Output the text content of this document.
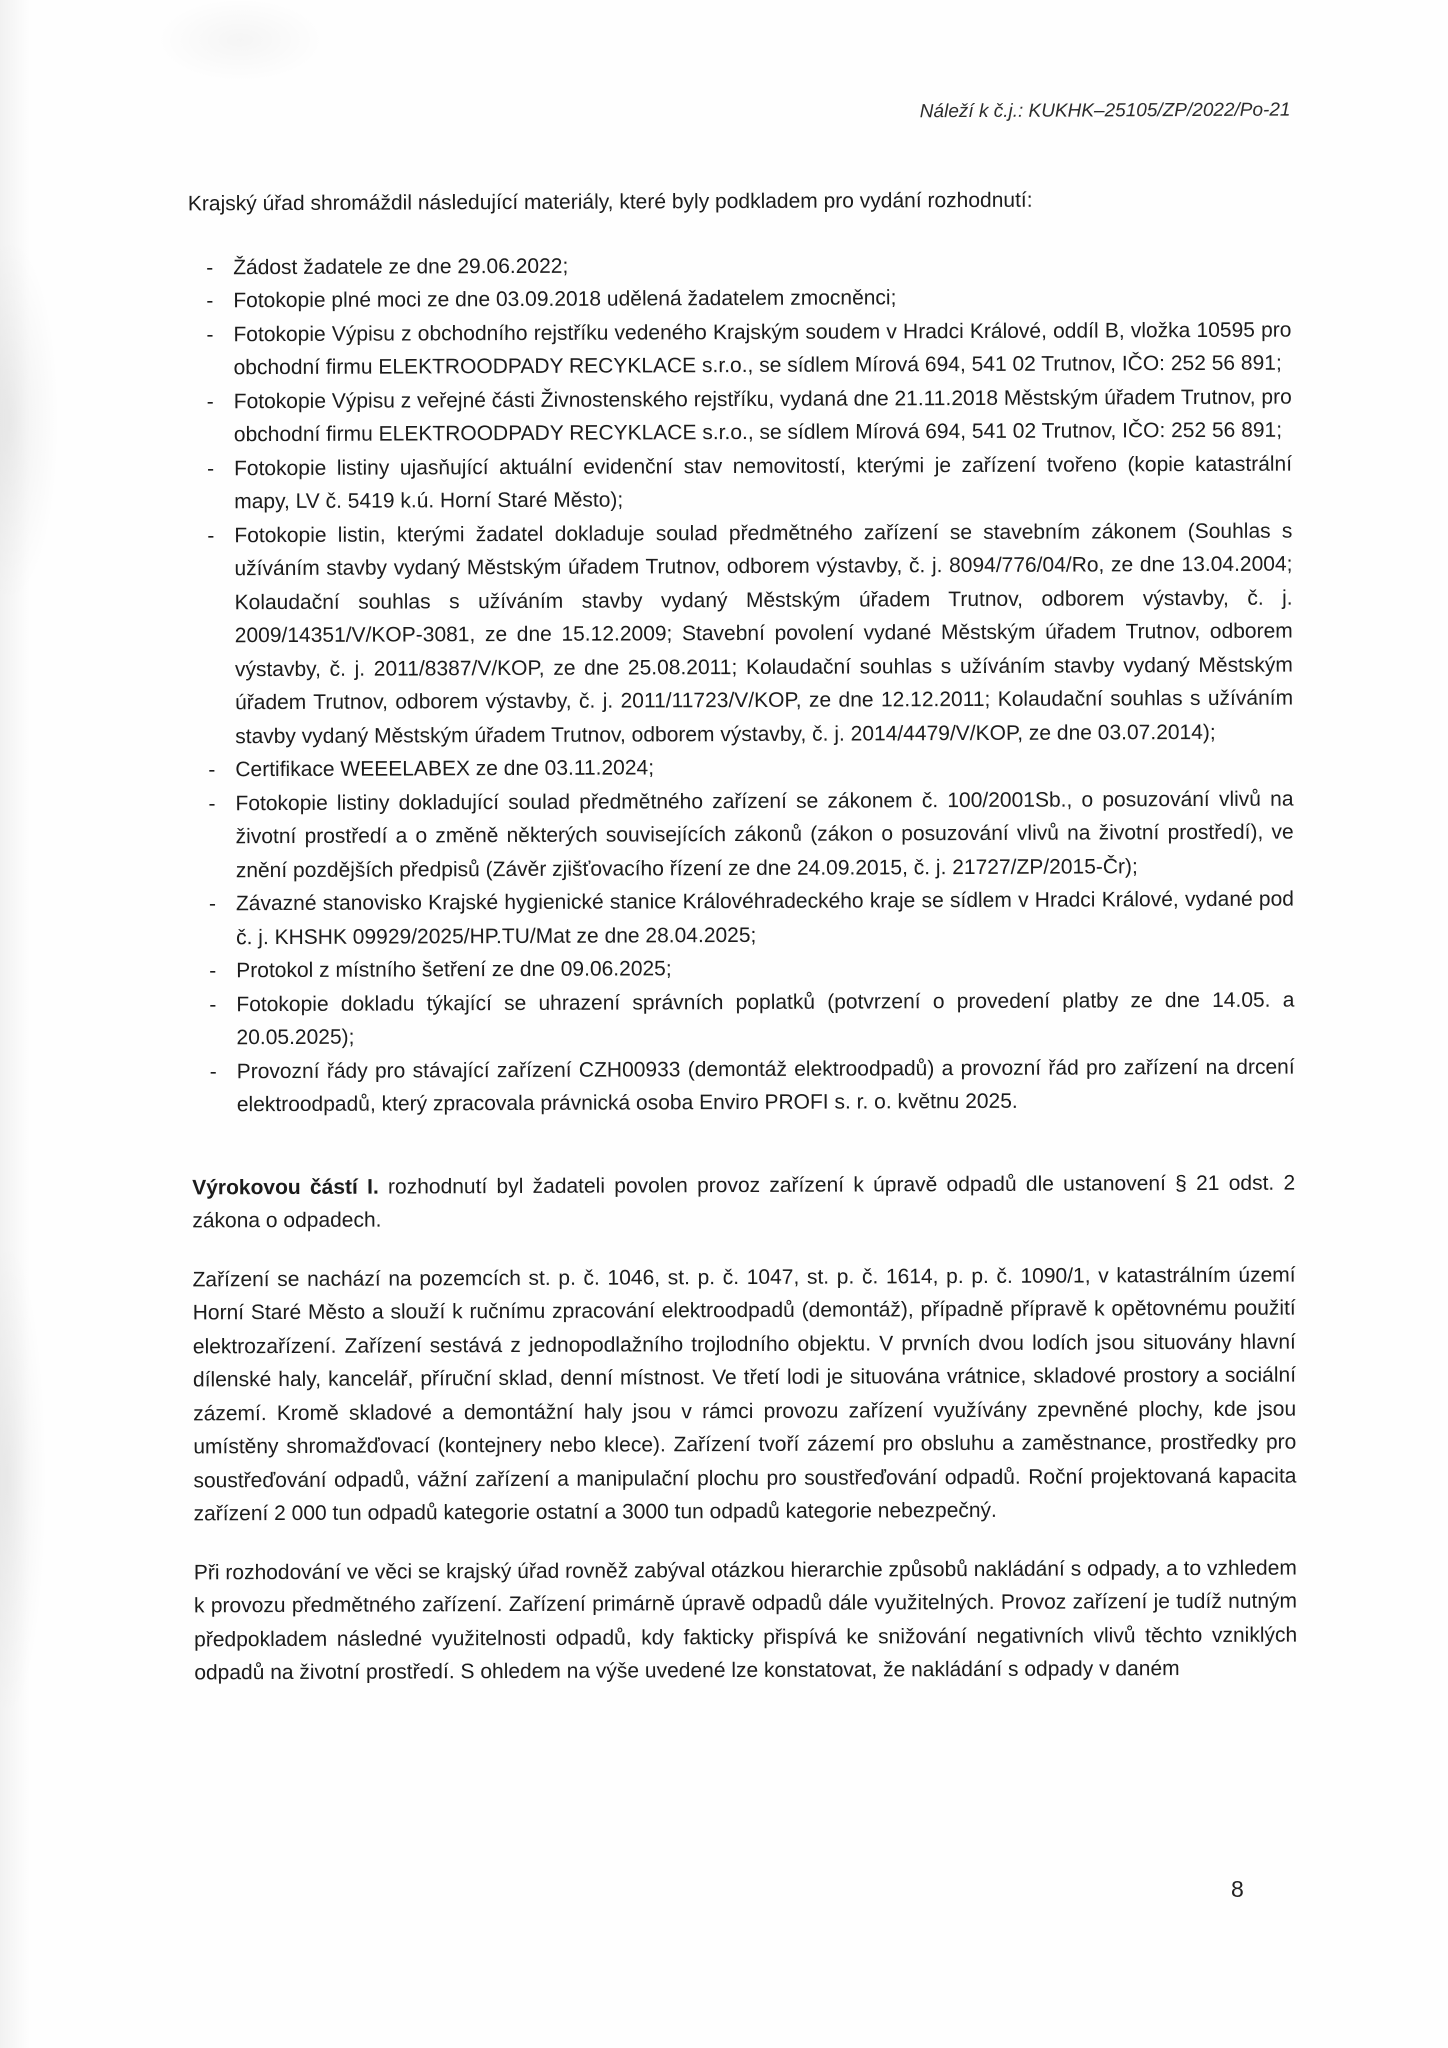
Náleží k č.j.: KUKHK–25105/ZP/2022/Po-21

Krajský úřad shromáždil následující materiály, které byly podkladem pro vydání rozhodnutí:

- Žádost žadatele ze dne 29.06.2022;
- Fotokopie plné moci ze dne 03.09.2018 udělená žadatelem zmocněnci;
- Fotokopie Výpisu z obchodního rejstříku vedeného Krajským soudem v Hradci Králové, oddíl B, vložka 10595 pro obchodní firmu ELEKTROODPADY RECYKLACE s.r.o., se sídlem Mírová 694, 541 02 Trutnov, IČO: 252 56 891;
- Fotokopie Výpisu z veřejné části Živnostenského rejstříku, vydaná dne 21.11.2018 Městským úřadem Trutnov, pro obchodní firmu ELEKTROODPADY RECYKLACE s.r.o., se sídlem Mírová 694, 541 02 Trutnov, IČO: 252 56 891;
- Fotokopie listiny ujasňující aktuální evidenční stav nemovitostí, kterými je zařízení tvořeno (kopie katastrální mapy, LV č. 5419 k.ú. Horní Staré Město);
- Fotokopie listin, kterými žadatel dokladuje soulad předmětného zařízení se stavebním zákonem (Souhlas s užíváním stavby vydaný Městským úřadem Trutnov, odborem výstavby, č. j. 8094/776/04/Ro, ze dne 13.04.2004; Kolaudační souhlas s užíváním stavby vydaný Městským úřadem Trutnov, odborem výstavby, č. j. 2009/14351/V/KOP-3081, ze dne 15.12.2009; Stavební povolení vydané Městským úřadem Trutnov, odborem výstavby, č. j. 2011/8387/V/KOP, ze dne 25.08.2011; Kolaudační souhlas s užíváním stavby vydaný Městským úřadem Trutnov, odborem výstavby, č. j. 2011/11723/V/KOP, ze dne 12.12.2011; Kolaudační souhlas s užíváním stavby vydaný Městským úřadem Trutnov, odborem výstavby, č. j. 2014/4479/V/KOP, ze dne 03.07.2014);
- Certifikace WEEELABEX ze dne 03.11.2024;
- Fotokopie listiny dokladující soulad předmětného zařízení se zákonem č. 100/2001Sb., o posuzování vlivů na životní prostředí a o změně některých souvisejících zákonů (zákon o posuzování vlivů na životní prostředí), ve znění pozdějších předpisů (Závěr zjišťovacího řízení ze dne 24.09.2015, č. j. 21727/ZP/2015-Čr);
- Závazné stanovisko Krajské hygienické stanice Královéhradeckého kraje se sídlem v Hradci Králové, vydané pod č. j. KHSHK 09929/2025/HP.TU/Mat ze dne 28.04.2025;
- Protokol z místního šetření ze dne 09.06.2025;
- Fotokopie dokladu týkající se uhrazení správních poplatků (potvrzení o provedení platby ze dne 14.05. a 20.05.2025);
- Provozní řády pro stávající zařízení CZH00933 (demontáž elektroodpadů) a provozní řád pro zařízení na drcení elektroodpadů, který zpracovala právnická osoba Enviro PROFI s. r. o. květnu 2025.

Výrokovou částí I. rozhodnutí byl žadateli povolen provoz zařízení k úpravě odpadů dle ustanovení § 21 odst. 2 zákona o odpadech.

Zařízení se nachází na pozemcích st. p. č. 1046, st. p. č. 1047, st. p. č. 1614, p. p. č. 1090/1, v katastrálním území Horní Staré Město a slouží k ručnímu zpracování elektroodpadů (demontáž), případně přípravě k opětovnému použití elektrozařízení. Zařízení sestává z jednopodlažního trojlodního objektu. V prvních dvou lodích jsou situovány hlavní dílenské haly, kancelář, příruční sklad, denní místnost. Ve třetí lodi je situována vrátnice, skladové prostory a sociální zázemí. Kromě skladové a demontážní haly jsou v rámci provozu zařízení využívány zpevněné plochy, kde jsou umístěny shromažďovací (kontejnery nebo klece). Zařízení tvoří zázemí pro obsluhu a zaměstnance, prostředky pro soustřeďování odpadů, vážní zařízení a manipulační plochu pro soustřeďování odpadů. Roční projektovaná kapacita zařízení 2 000 tun odpadů kategorie ostatní a 3000 tun odpadů kategorie nebezpečný.

Při rozhodování ve věci se krajský úřad rovněž zabýval otázkou hierarchie způsobů nakládání s odpady, a to vzhledem k provozu předmětného zařízení. Zařízení primárně úpravě odpadů dále využitelných. Provoz zařízení je tudíž nutným předpokladem následné využitelnosti odpadů, kdy fakticky přispívá ke snižování negativních vlivů těchto vzniklých odpadů na životní prostředí. S ohledem na výše uvedené lze konstatovat, že nakládání s odpady v daném

8
